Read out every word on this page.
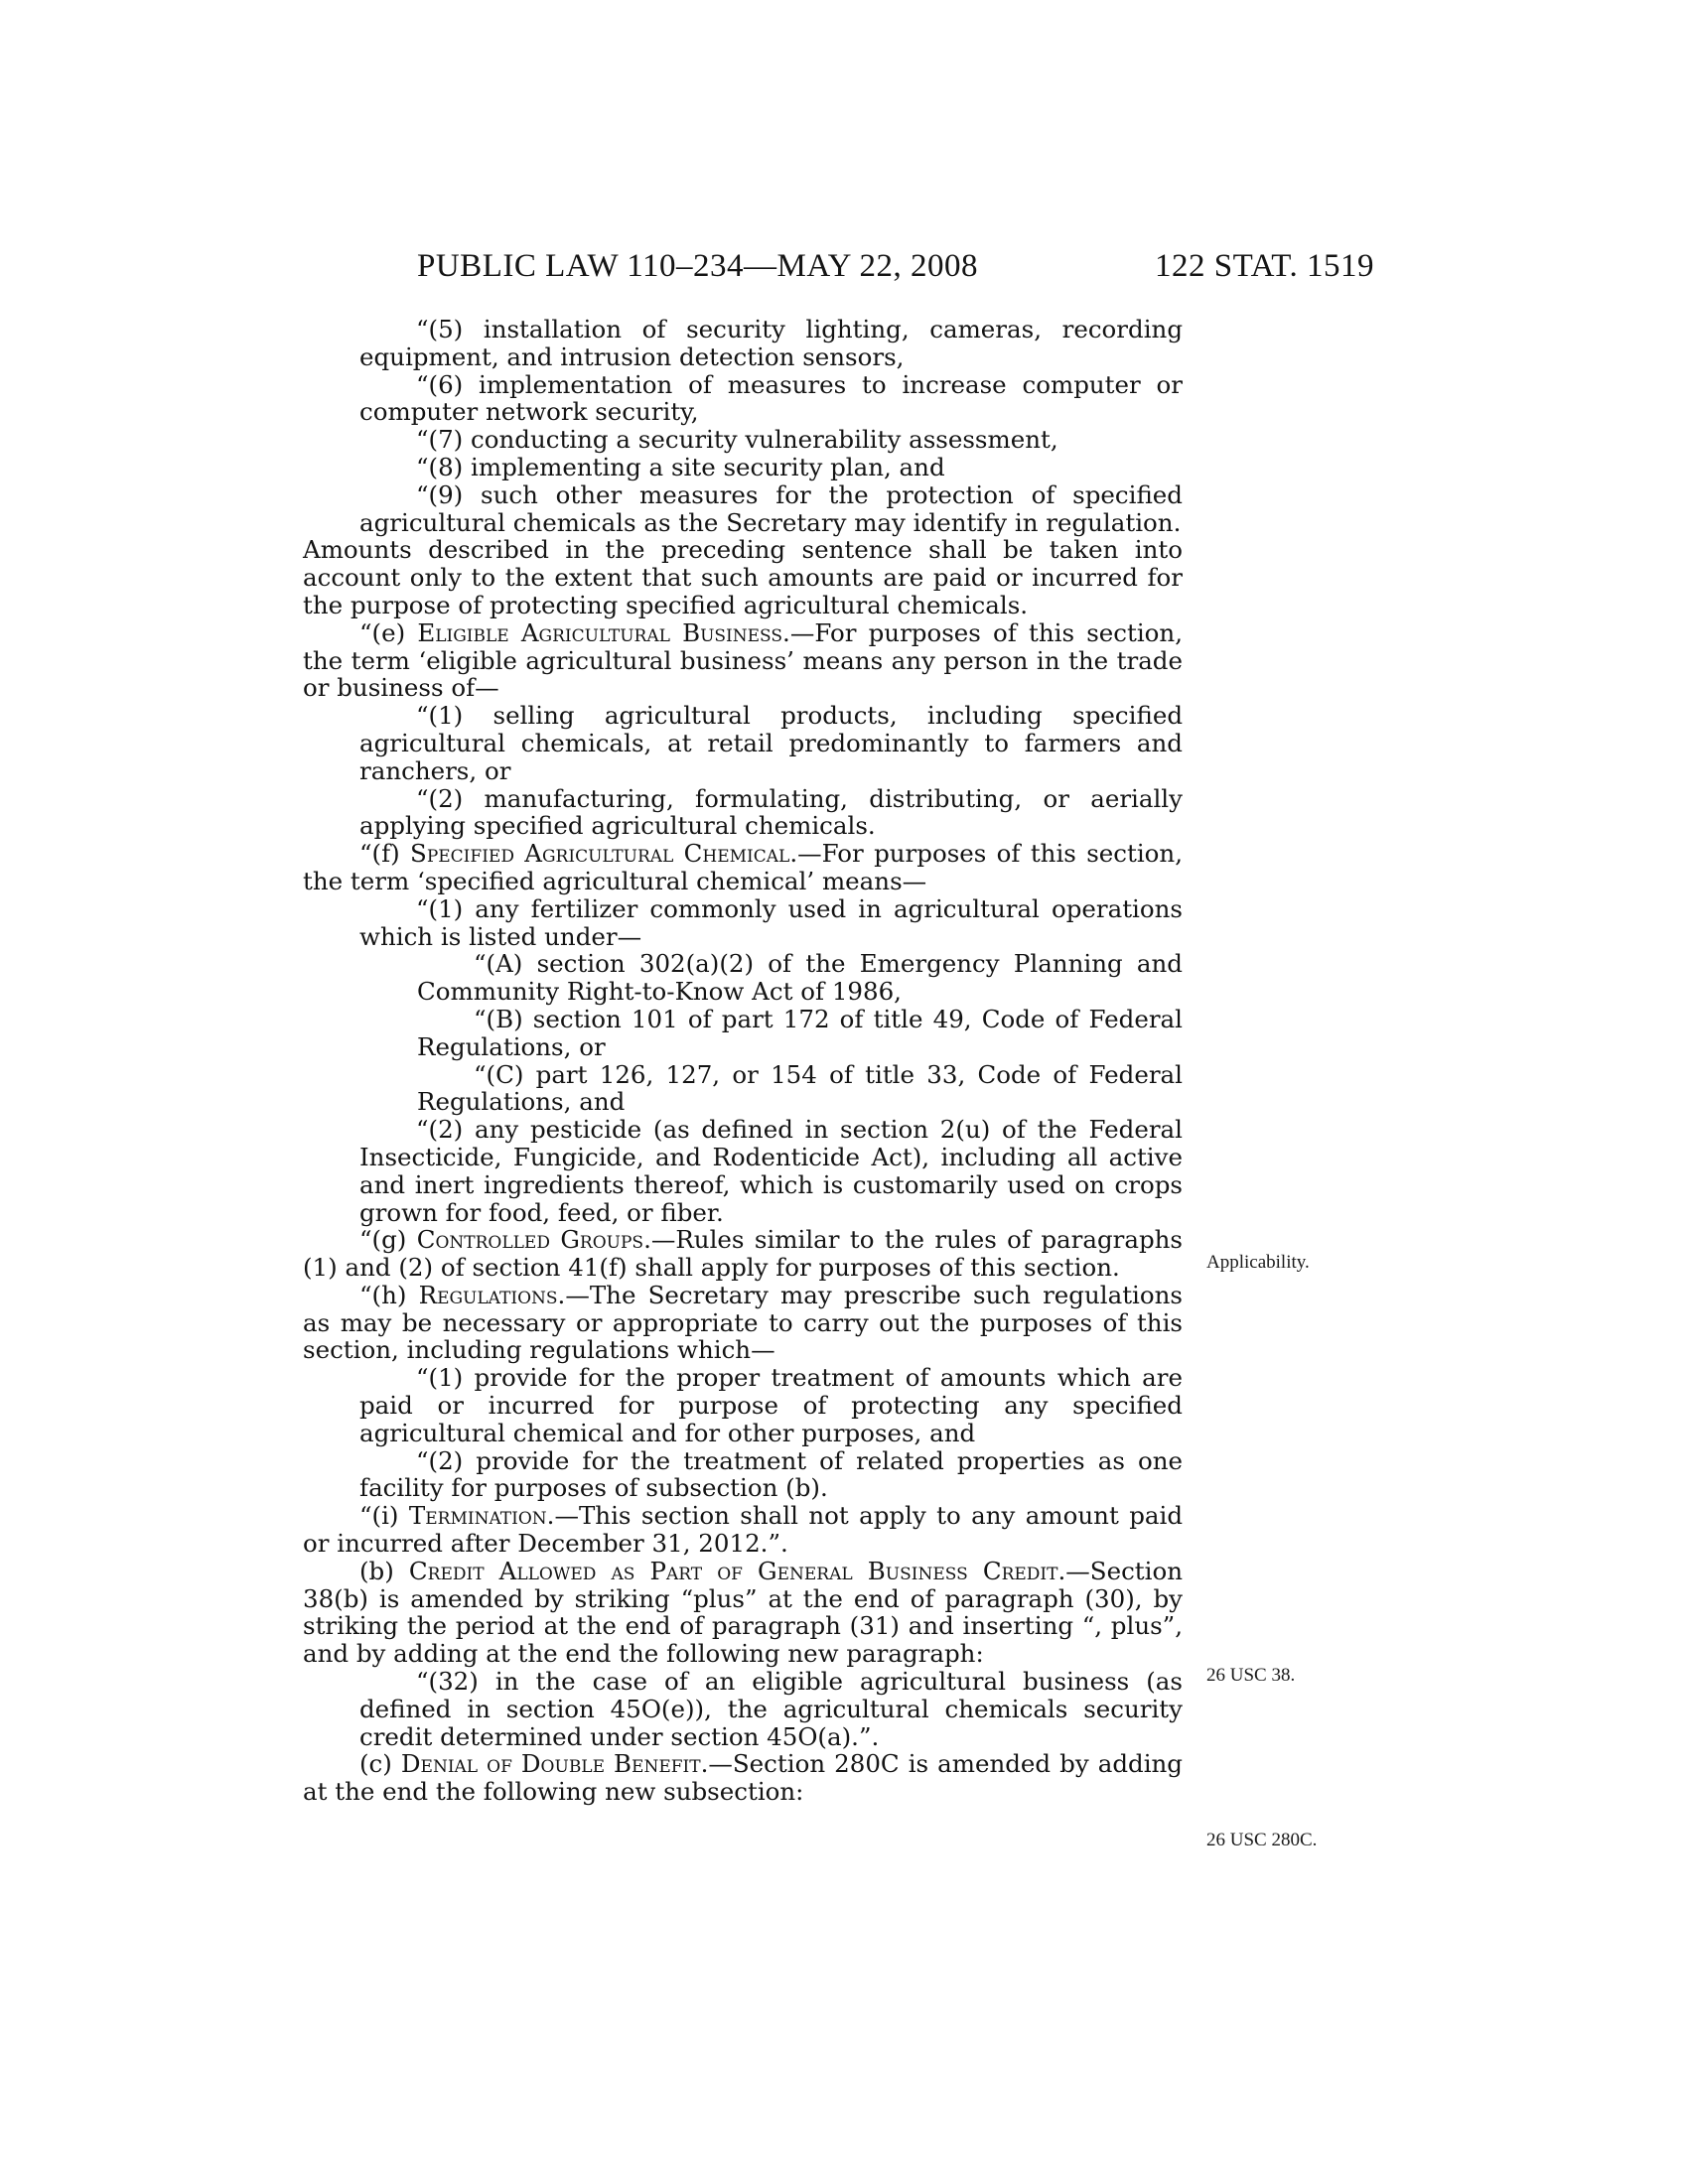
PUBLIC LAW 110–234—MAY 22, 2008	122 STAT. 1519

“(5) installation of security lighting, cameras, recording equipment, and intrusion detection sensors,

“(6) implementation of measures to increase computer or computer network security,

“(7) conducting a security vulnerability assessment,

“(8) implementing a site security plan, and

“(9) such other measures for the protection of specified agricultural chemicals as the Secretary may identify in regulation.

Amounts described in the preceding sentence shall be taken into account only to the extent that such amounts are paid or incurred for the purpose of protecting specified agricultural chemicals.

“(e) Eligible Agricultural Business.—For purposes of this section, the term ‘eligible agricultural business’ means any person in the trade or business of—

“(1) selling agricultural products, including specified agricultural chemicals, at retail predominantly to farmers and ranchers, or

“(2) manufacturing, formulating, distributing, or aerially applying specified agricultural chemicals.

“(f) Specified Agricultural Chemical.—For purposes of this section, the term ‘specified agricultural chemical’ means—

“(1) any fertilizer commonly used in agricultural operations which is listed under—

“(A) section 302(a)(2) of the Emergency Planning and Community Right-to-Know Act of 1986,

“(B) section 101 of part 172 of title 49, Code of Federal Regulations, or

“(C) part 126, 127, or 154 of title 33, Code of Federal Regulations, and

“(2) any pesticide (as defined in section 2(u) of the Federal Insecticide, Fungicide, and Rodenticide Act), including all active and inert ingredients thereof, which is customarily used on crops grown for food, feed, or fiber.

“(g) Controlled Groups.—Rules similar to the rules of paragraphs (1) and (2) of section 41(f) shall apply for purposes of this section.

“(h) Regulations.—The Secretary may prescribe such regulations as may be necessary or appropriate to carry out the purposes of this section, including regulations which—

“(1) provide for the proper treatment of amounts which are paid or incurred for purpose of protecting any specified agricultural chemical and for other purposes, and

“(2) provide for the treatment of related properties as one facility for purposes of subsection (b).

“(i) Termination.—This section shall not apply to any amount paid or incurred after December 31, 2012.”.

(b) Credit Allowed as Part of General Business Credit.—Section 38(b) is amended by striking “plus” at the end of paragraph (30), by striking the period at the end of paragraph (31) and inserting “, plus”, and by adding at the end the following new paragraph:

“(32) in the case of an eligible agricultural business (as defined in section 45O(e)), the agricultural chemicals security credit determined under section 45O(a).”.

(c) Denial of Double Benefit.—Section 280C is amended by adding at the end the following new subsection:

Applicability.
26 USC 38.
26 USC 280C.
